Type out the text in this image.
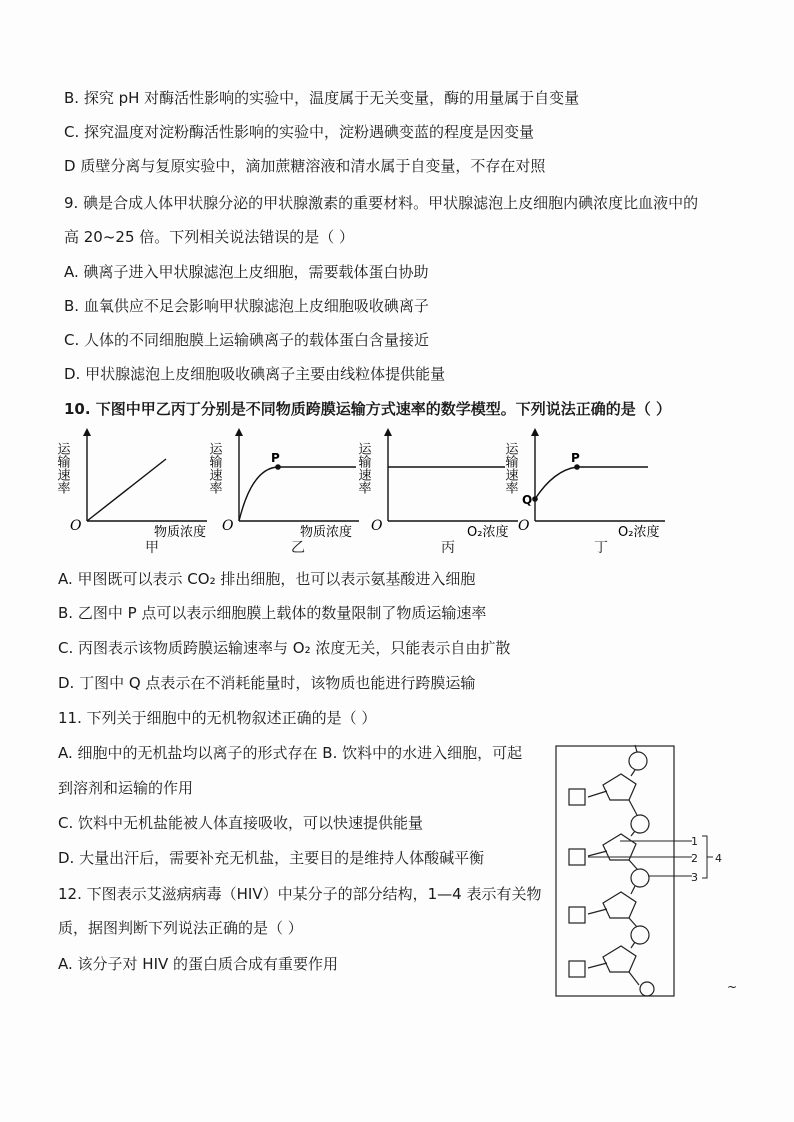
B. 探究 pH 对酶活性影响的实验中，温度属于无关变量，酶的用量属于自变量
C. 探究温度对淀粉酶活性影响的实验中，淀粉遇碘变蓝的程度是因变量
D 质壁分离与复原实验中，滴加蔗糖溶液和清水属于自变量，不存在对照
9. 碘是合成人体甲状腺分泌的甲状腺激素的重要材料。甲状腺滤泡上皮细胞内碘浓度比血液中的
高 20~25 倍。下列相关说法错误的是（ ）
A. 碘离子进入甲状腺滤泡上皮细胞，需要载体蛋白协助
B. 血氧供应不足会影响甲状腺滤泡上皮细胞吸收碘离子
C. 人体的不同细胞膜上运输碘离子的载体蛋白含量接近
D. 甲状腺滤泡上皮细胞吸收碘离子主要由线粒体提供能量
10. 下图中甲乙丙丁分别是不同物质跨膜运输方式速率的数学模型。下列说法正确的是（ ）
运输速率
O	物质浓度
甲
P
运输速率
O	物质浓度
乙
运输速率
O	O₂浓度
丙
P
Q
运输速率
O	O₂浓度
丁
A. 甲图既可以表示 CO₂ 排出细胞，也可以表示氨基酸进入细胞
B. 乙图中 P 点可以表示细胞膜上载体的数量限制了物质运输速率
C. 丙图表示该物质跨膜运输速率与 O₂ 浓度无关，只能表示自由扩散
D. 丁图中 Q 点表示在不消耗能量时，该物质也能进行跨膜运输
11. 下列关于细胞中的无机物叙述正确的是（ ）
A. 细胞中的无机盐均以离子的形式存在 B. 饮料中的水进入细胞，可起
到溶剂和运输的作用
C. 饮料中无机盐能被人体直接吸收，可以快速提供能量
D. 大量出汗后，需要补充无机盐，主要目的是维持人体酸碱平衡
12. 下图表示艾滋病病毒（HIV）中某分子的部分结构，1—4 表示有关物
质，据图判断下列说法正确的是（ ）
A. 该分子对 HIV 的蛋白质合成有重要作用
1
2
3
4
~
